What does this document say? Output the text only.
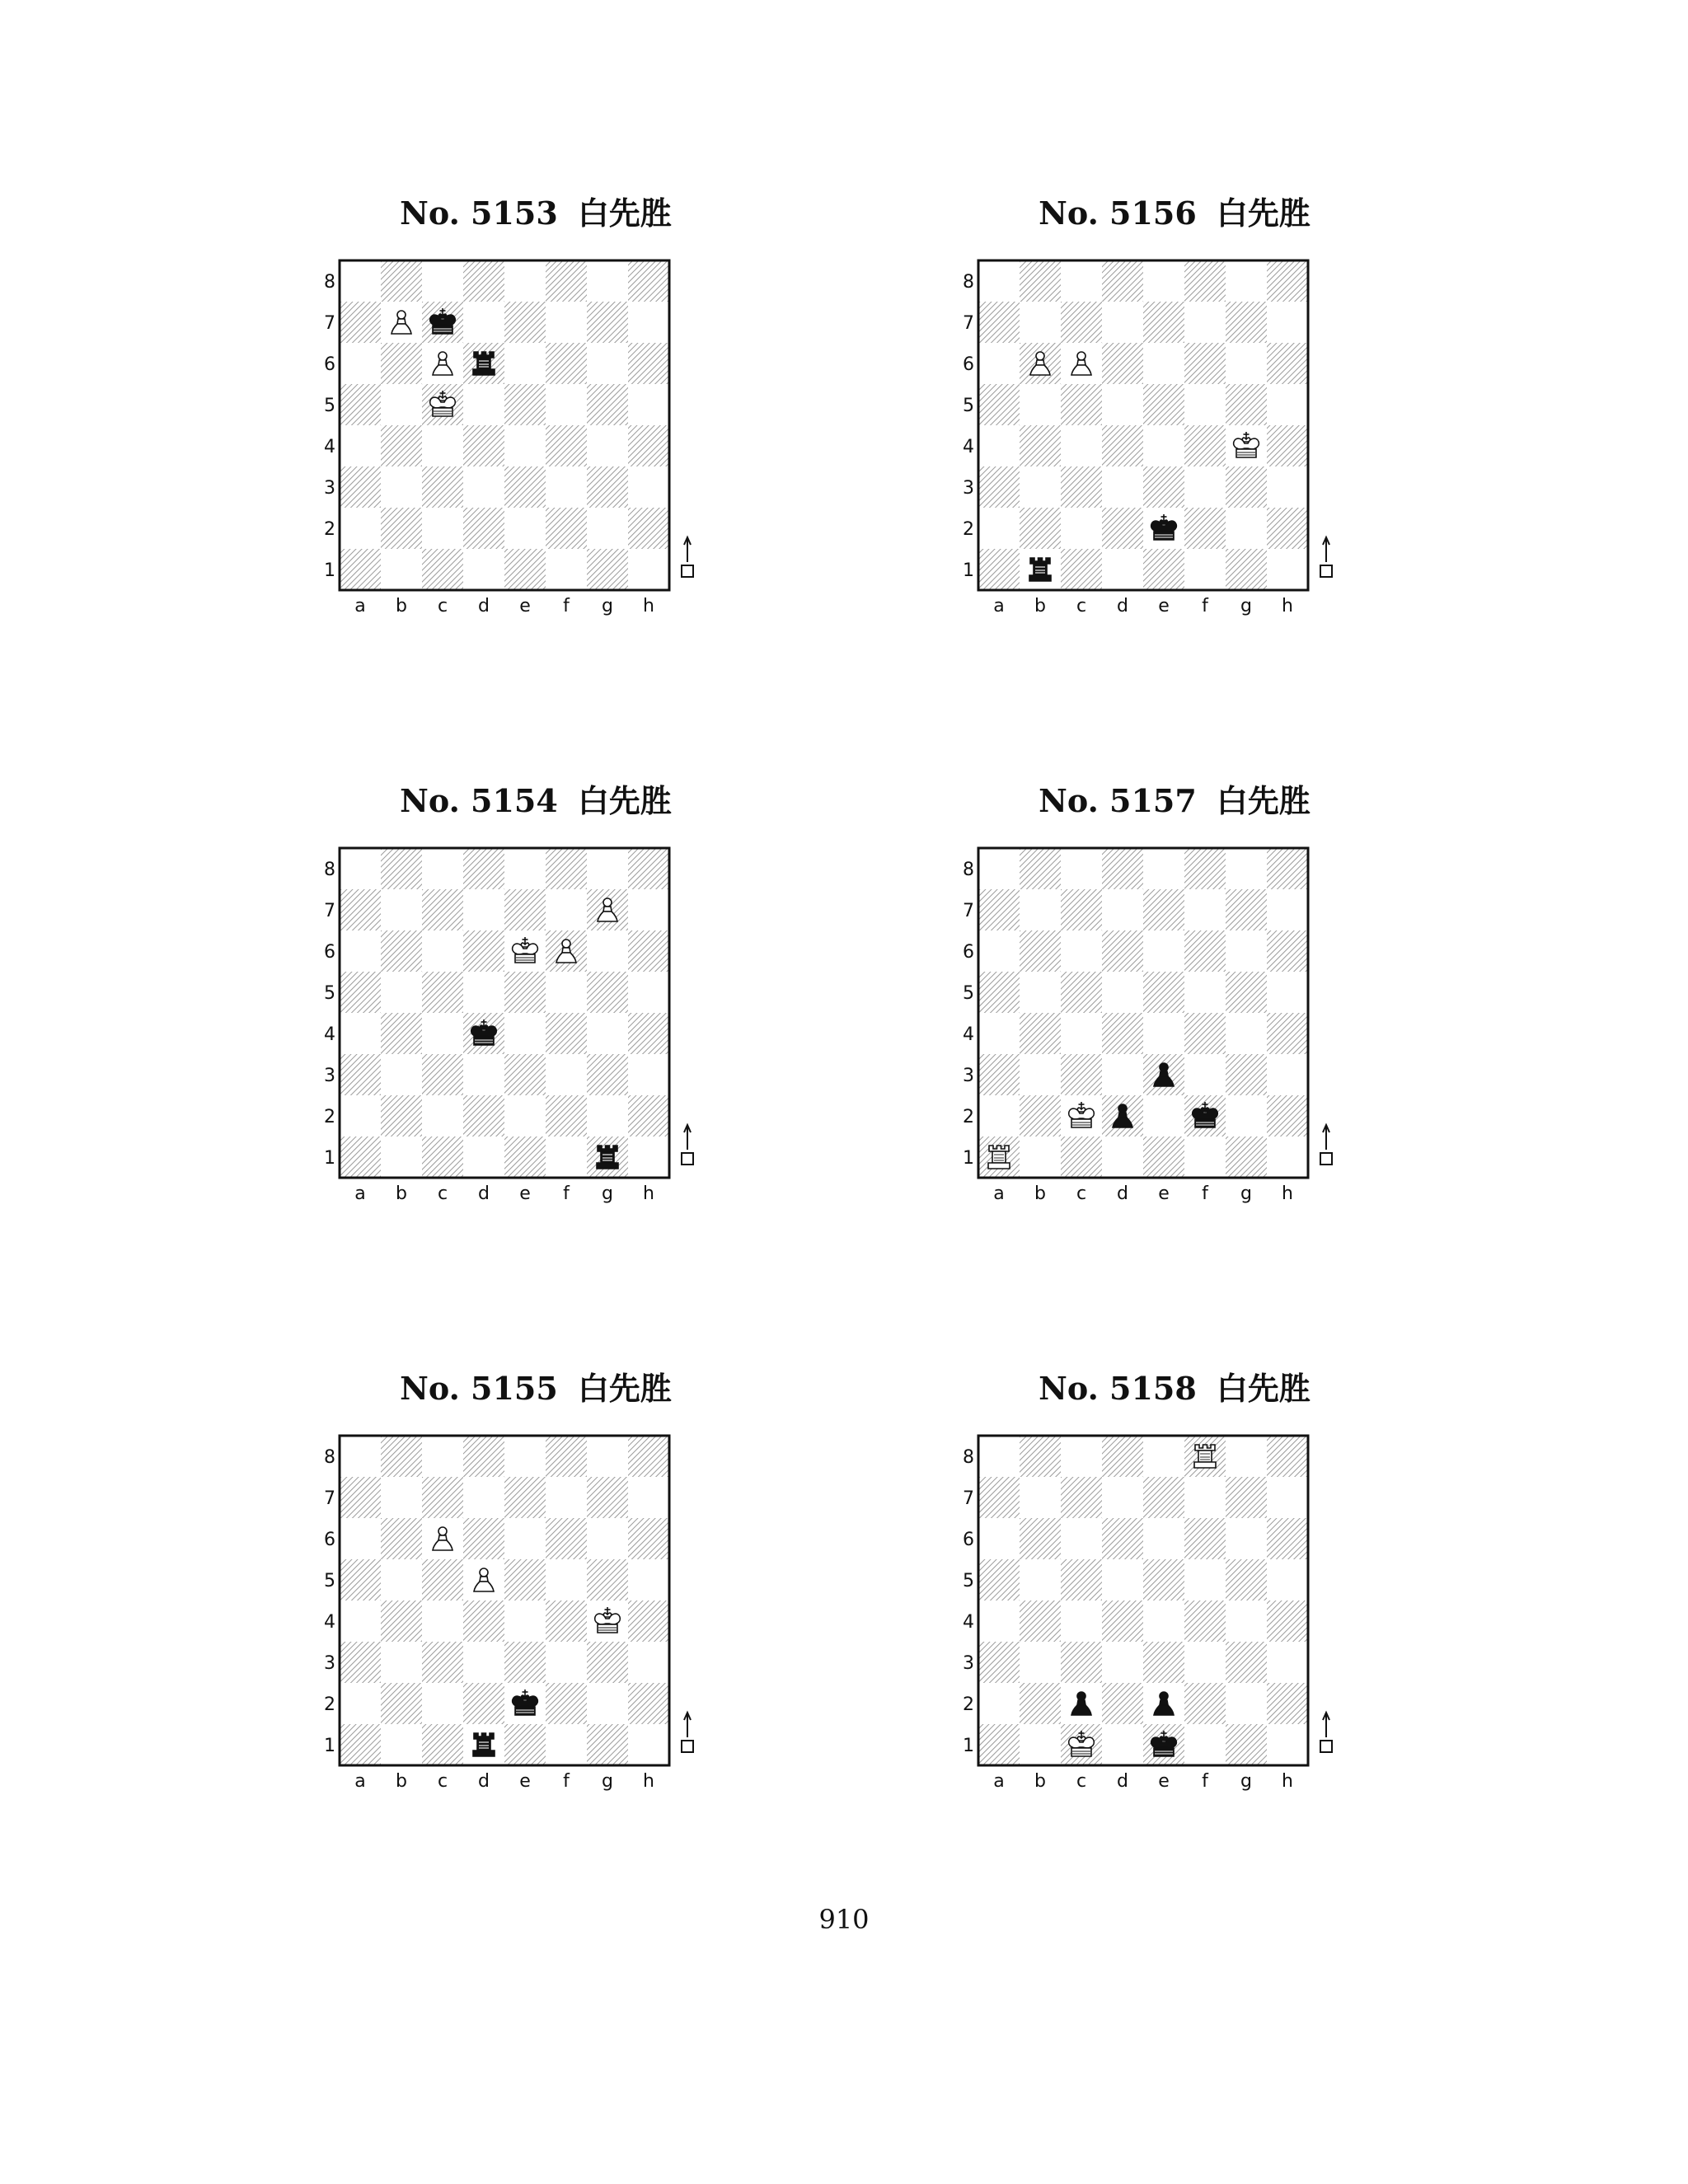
No. 5153 白先胜
8
7
6
5
4
3
2
1
a b c d e f g h
No. 5156 白先胜
8
7
6
5
4
3
2
1
a b c d e f g h
No. 5154 白先胜
8
7
6
5
4
3
2
1
a b c d e f g h
No. 5157 白先胜
8
7
6
5
4
3
2
1
a b c d e f g h
No. 5155 白先胜
8
7
6
5
4
3
2
1
a b c d e f g h
No. 5158 白先胜
8
7
6
5
4
3
2
1
a b c d e f g h
910
